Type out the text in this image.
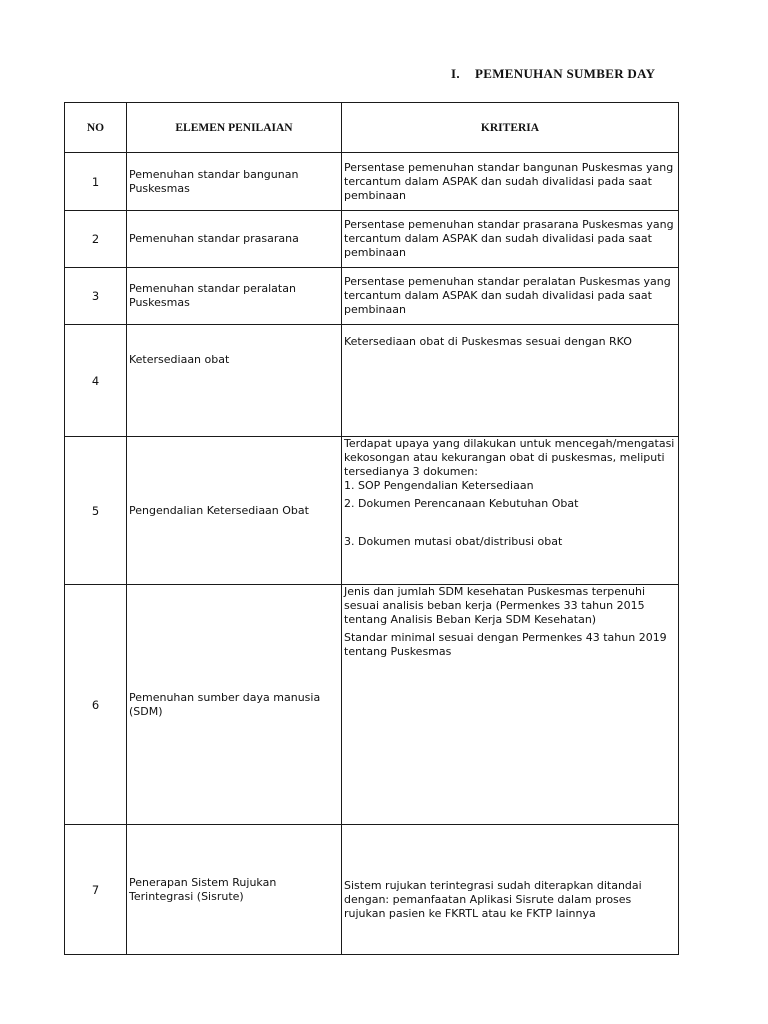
I. PEMENUHAN SUMBER DAY
NO	ELEMEN PENILAIAN	KRITERIA
1	Pemenuhan standar bangunan Puskesmas	Persentase pemenuhan standar bangunan Puskesmas yang tercantum dalam ASPAK dan sudah divalidasi pada saat pembinaan

2	Pemenuhan standar prasarana	Persentase pemenuhan standar prasarana Puskesmas yang tercantum dalam ASPAK dan sudah divalidasi pada saat pembinaan

3	Pemenuhan standar peralatan Puskesmas	Persentase pemenuhan standar peralatan Puskesmas yang tercantum dalam ASPAK dan sudah divalidasi pada saat pembinaan

4	Ketersediaan obat	Ketersediaan obat di Puskesmas sesuai dengan RKO

5	Pengendalian Ketersediaan Obat	Terdapat upaya yang dilakukan untuk mencegah/mengatasi kekosongan atau kekurangan obat di puskesmas, meliputi tersedianya 3 dokumen:
1. SOP Pengendalian Ketersediaan
2. Dokumen Perencanaan Kebutuhan Obat
3. Dokumen mutasi obat/distribusi obat

6	Pemenuhan sumber daya manusia (SDM)	Jenis dan jumlah SDM kesehatan Puskesmas terpenuhi sesuai analisis beban kerja (Permenkes 33 tahun 2015 tentang Analisis Beban Kerja SDM Kesehatan)
Standar minimal sesuai dengan Permenkes 43 tahun 2019 tentang Puskesmas

7	Penerapan Sistem Rujukan Terintegrasi (Sisrute)	Sistem rujukan terintegrasi sudah diterapkan ditandai dengan: pemanfaatan Aplikasi Sisrute dalam proses rujukan pasien ke FKRTL atau ke FKTP lainnya
